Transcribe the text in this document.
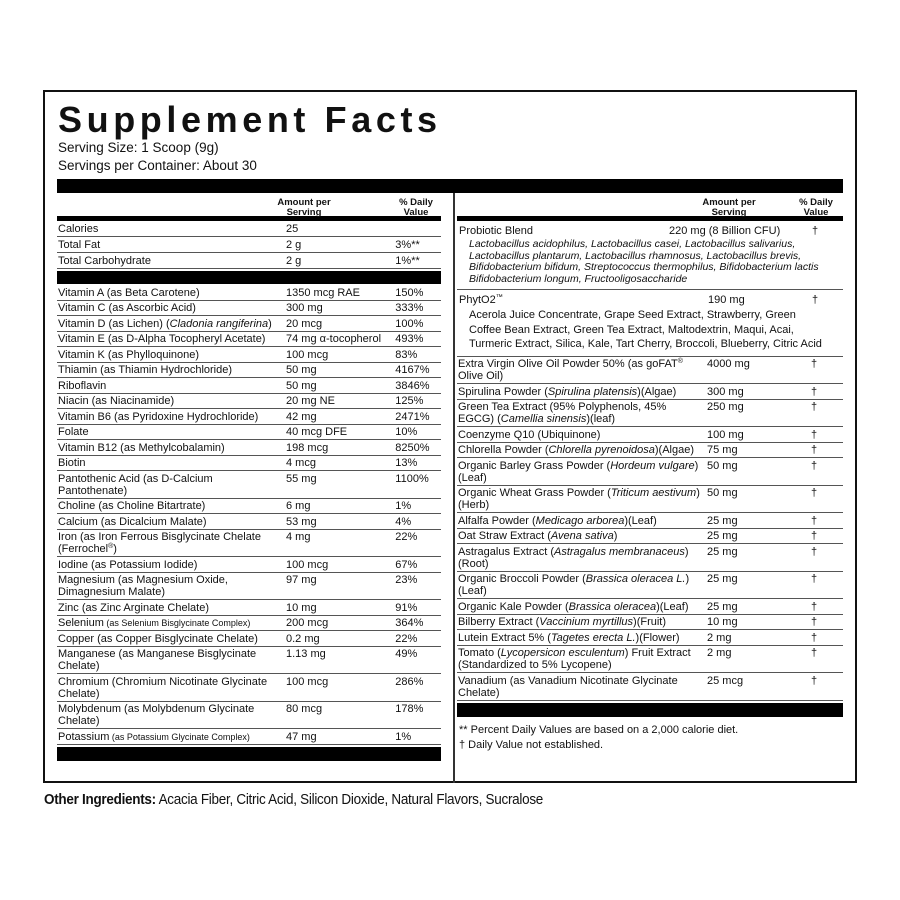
Supplement Facts
Serving Size: 1 Scoop (9g)
Servings per Container: About 30
Amount per
Serving
% Daily
Value
Calories	25
Total Fat	2 g	3%**
Total Carbohydrate	2 g	1%**
Vitamin A (as Beta Carotene)	1350 mcg RAE	150%
Vitamin C (as Ascorbic Acid)	300 mg	333%
Vitamin D (as Lichen) (Cladonia rangiferina)	20 mcg	100%
Vitamin E (as D-Alpha Tocopheryl Acetate)	74 mg α-tocopherol	493%
Vitamin K (as Phylloquinone)	100 mcg	83%
Thiamin (as Thiamin Hydrochloride)	50 mg	4167%
Riboflavin	50 mg	3846%
Niacin (as Niacinamide)	20 mg NE	125%
Vitamin B6 (as Pyridoxine Hydrochloride)	42 mg	2471%
Folate	40 mcg DFE	10%
Vitamin B12 (as Methylcobalamin)	198 mcg	8250%
Biotin	4 mcg	13%
Pantothenic Acid (as D-Calcium Pantothenate)
55 mg	1100%
Choline (as Choline Bitartrate)	6 mg	1%
Calcium (as Dicalcium Malate)	53 mg	4%
Iron (as Iron Ferrous Bisglycinate Chelate (Ferrochel®)
4 mg	22%
Iodine (as Potassium Iodide)	100 mcg	67%
Magnesium (as Magnesium Oxide, Dimagnesium Malate)
97 mg	23%
Zinc (as Zinc Arginate Chelate)	10 mg	91%
Selenium (as Selenium Bisglycinate Complex)	200 mcg	364%
Copper (as Copper Bisglycinate Chelate)	0.2 mg	22%
Manganese (as Manganese Bisglycinate Chelate)
1.13 mg	49%
Chromium (Chromium Nicotinate Glycinate Chelate)
100 mcg	286%
Molybdenum (as Molybdenum Glycinate Chelate)
80 mcg	178%
Potassium (as Potassium Glycinate Complex)	47 mg	1%
Amount per
Serving
% Daily
Value
Probiotic Blend	220 mg (8 Billion CFU)	†
Lactobacillus acidophilus, Lactobacillus casei, Lactobacillus salivarius, Lactobacillus plantarum, Lactobacillus rhamnosus, Lactobacillus brevis, Bifidobacterium bifidum, Streptococcus thermophilus, Bifidobacterium lactis Bifidobacterium longum, Fructooligosaccharide
PhytO2™	190 mg	†
Acerola Juice Concentrate, Grape Seed Extract, Strawberry, Green
Coffee Bean Extract, Green Tea Extract, Maltodextrin, Maqui, Acai,
Turmeric Extract, Silica, Kale, Tart Cherry, Broccoli, Blueberry, Citric Acid
Extra Virgin Olive Oil Powder 50% (as goFAT® Olive Oil)
4000 mg	†
Spirulina Powder (Spirulina platensis)(Algae)	300 mg	†
Green Tea Extract (95% Polyphenols, 45% EGCG) (Camellia sinensis)(leaf)
250 mg	†
Coenzyme Q10 (Ubiquinone)	100 mg	†
Chlorella Powder (Chlorella pyrenoidosa)(Algae)	75 mg	†
Organic Barley Grass Powder (Hordeum vulgare)(Leaf)
50 mg	†
Organic Wheat Grass Powder (Triticum aestivum)(Herb)
50 mg	†
Alfalfa Powder (Medicago arborea)(Leaf)	25 mg	†
Oat Straw Extract (Avena sativa)	25 mg	†
Astragalus Extract (Astragalus membranaceus)(Root)
25 mg	†
Organic Broccoli Powder (Brassica oleracea L.)(Leaf)
25 mg	†
Organic Kale Powder (Brassica oleracea)(Leaf)	25 mg	†
Bilberry Extract (Vaccinium myrtillus)(Fruit)	10 mg	†
Lutein Extract 5% (Tagetes erecta L.)(Flower)	2 mg	†
Tomato (Lycopersicon esculentum) Fruit Extract (Standardized to 5% Lycopene)
2 mg	†
Vanadium (as Vanadium Nicotinate Glycinate Chelate)
25 mcg	†
** Percent Daily Values are based on a 2,000 calorie diet.
† Daily Value not established.
Other Ingredients: Acacia Fiber, Citric Acid, Silicon Dioxide, Natural Flavors, Sucralose
